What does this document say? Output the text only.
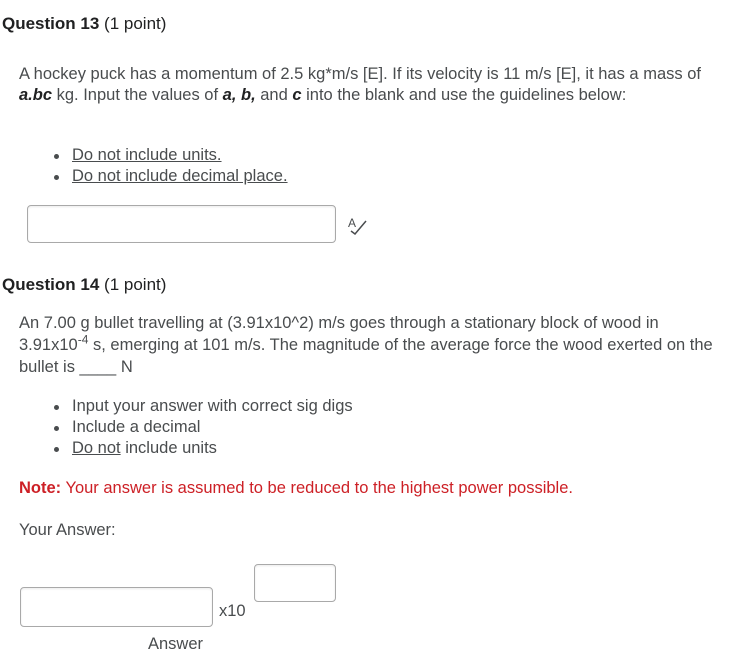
Question 13 (1 point)
A hockey puck has a momentum of 2.5 kg*m/s [E]. If its velocity is 11 m/s [E], it has a mass of a.bc kg. Input the values of a, b, and c into the blank and use the guidelines below:
Do not include units.
Do not include decimal place.
A
Question 14 (1 point)
An 7.00 g bullet travelling at (3.91x10^2) m/s goes through a stationary block of wood in $3.91x10^{-4}$ s, emerging at 101 m/s. The magnitude of the average force the wood exerted on the bullet is ____ N
Input your answer with correct sig digs
Include a decimal
Do not include units
Note: Your answer is assumed to be reduced to the highest power possible.
Your Answer:
x10
Answer
